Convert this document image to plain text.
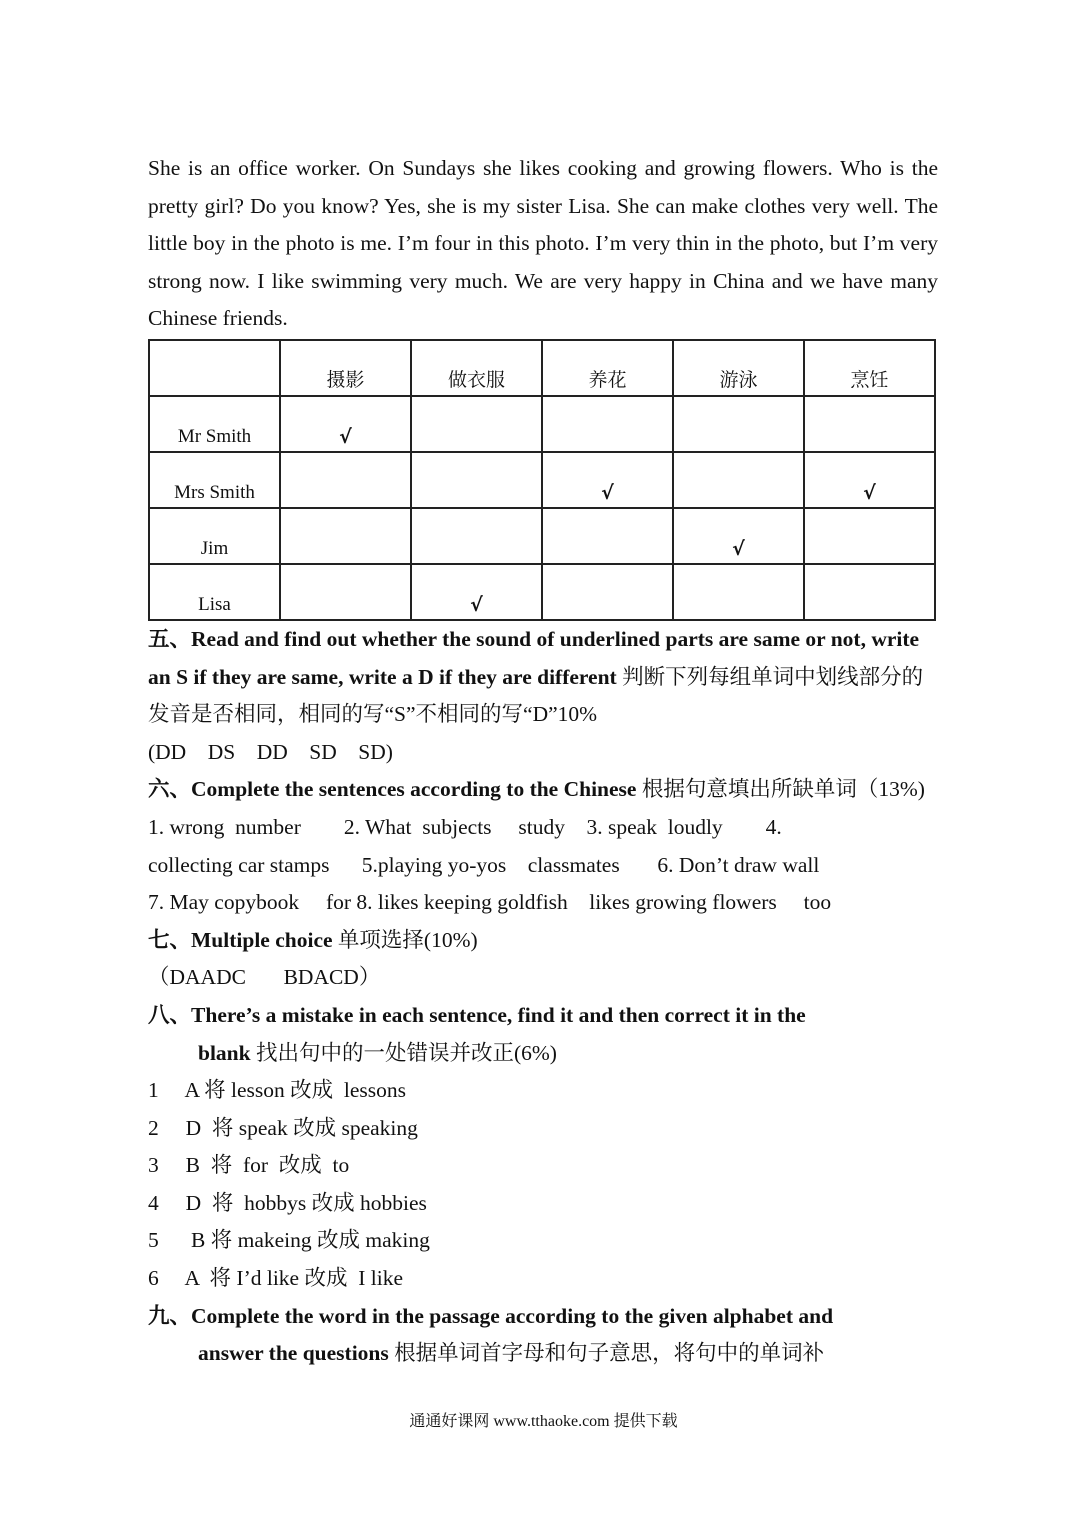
She is an office worker. On Sundays she likes cooking and growing flowers. Who is the pretty girl? Do you know? Yes, she is my sister Lisa. She can make clothes very well. The little boy in the photo is me. I’m four in this photo. I’m very thin in the photo, but I’m very strong now. I like swimming very much. We are very happy in China and we have many Chinese friends.

	摄影	做衣服	养花	游泳	烹饪
Mr Smith	√				
Mrs Smith			√		√
Jim				√	
Lisa		√			

五、Read and find out whether the sound of underlined parts are same or not, write an S if they are same, write a D if they are different 判断下列每组单词中划线部分的发音是否相同，相同的写“S”不相同的写“D”10%

(DD    DS    DD    SD    SD)

六、Complete the sentences according to the Chinese 根据句意填出所缺单词（13%)

1. wrong  number        2. What  subjects     study    3. speak  loudly        4.

collecting car stamps      5.playing yo-yos    classmates       6. Don’t draw wall

7. May copybook     for 8. likes keeping goldfish    likes growing flowers     too

七、Multiple choice 单项选择(10%)

（DAADC       BDACD）

八、There’s a mistake in each sentence, find it and then correct it in the

blank 找出句中的一处错误并改正(6%)

1     A 将 lesson 改成  lessons

2     D  将 speak 改成 speaking

3     B  将  for  改成  to

4     D  将  hobbys 改成 hobbies

5      B 将 makeing 改成 making

6     A  将 I’d like 改成  I like

九、Complete the word in the passage according to the given alphabet and

answer the questions 根据单词首字母和句子意思，将句中的单词补

通通好课网 www.tthaoke.com 提供下载
